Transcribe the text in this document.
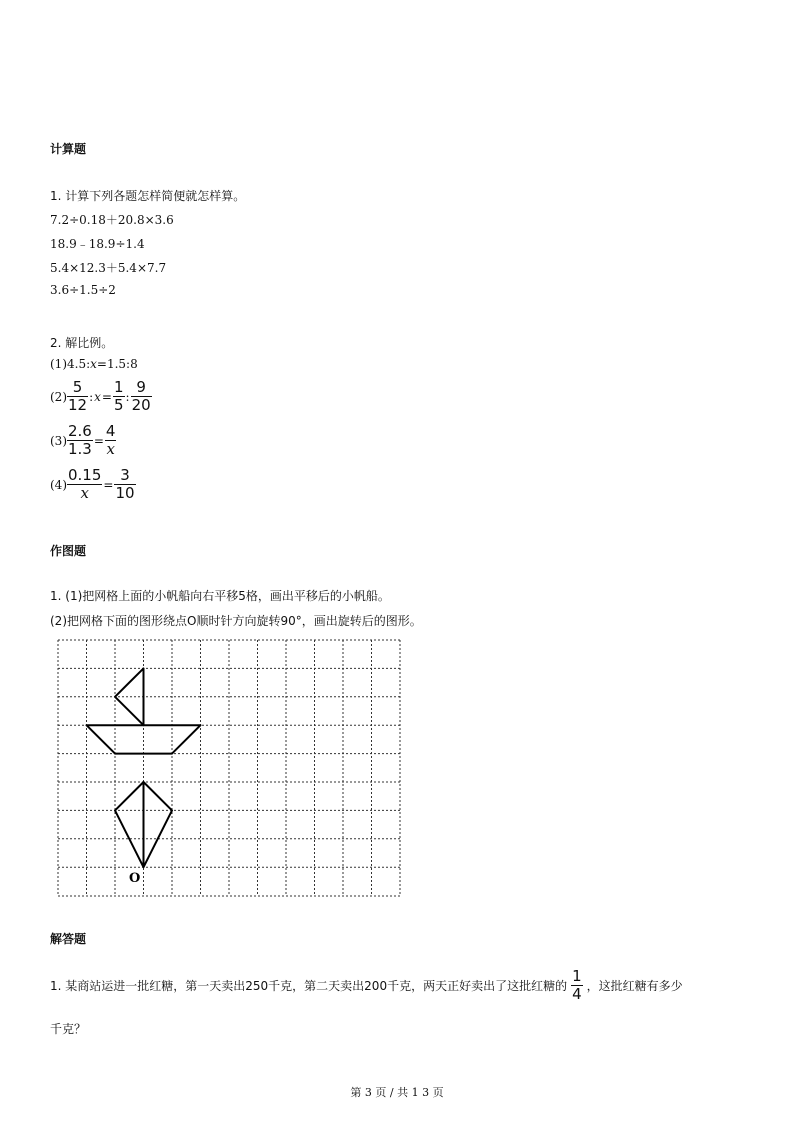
计算题
1. 计算下列各题怎样简便就怎样算。
7.2÷0.18＋20.8×3.6
18.9﹣18.9÷1.4
5.4×12.3＋5.4×7.7
3.6÷1.5÷2
2. 解比例。
(1) 4.5: x =1.5:8
$(2) \frac{5}{12}$ : $x = \frac{1}{5}$ : $\frac{9}{20}$
$(3) \frac{2.6}{1.3} = \frac{4}{x}$
$(4) \frac{0.15}{x} = \frac{3}{10}$
作图题
1. (1)把网格上面的小帆船向右平移5格，画出平移后的小帆船。
(2)把网格下面的图形绕点O顺时针方向旋转90°，画出旋转后的图形。
O
解答题
1. 某商站运进一批红糖，第一天卖出250千克，第二天卖出200千克，两天正好卖出了这批红糖的 $\frac{1}{4}$ ，这批红糖有多少
千克？
第 3 页 / 共 1 3 页
